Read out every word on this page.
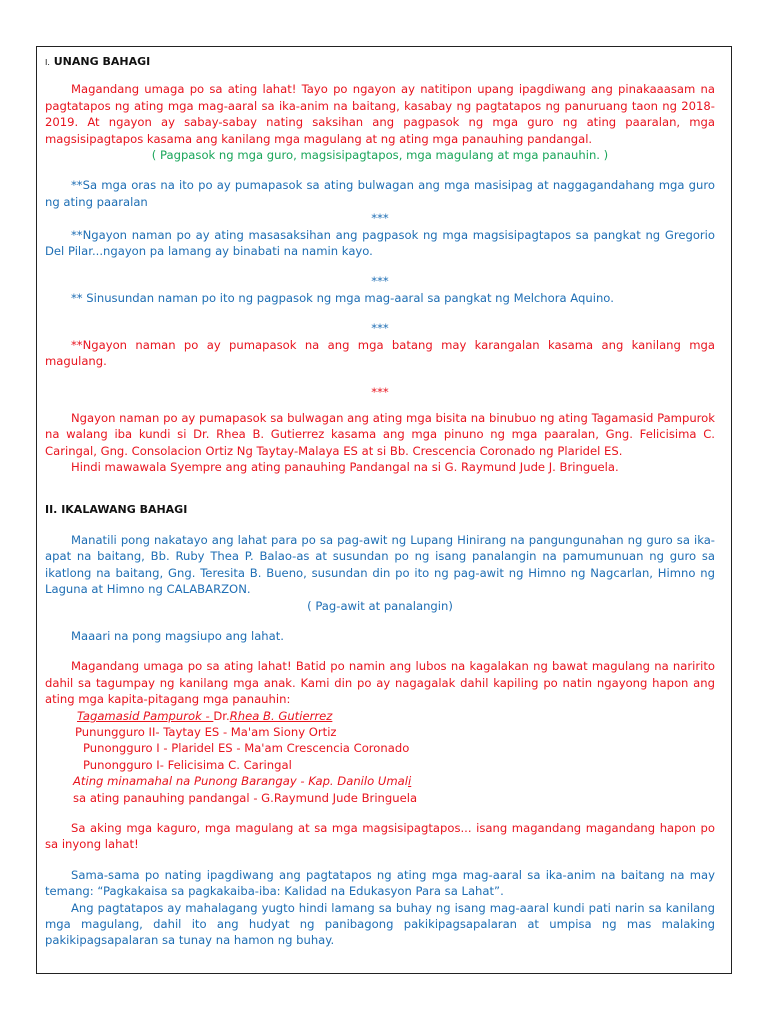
I. UNANG BAHAGI

Magandang umaga po sa ating lahat! Tayo po ngayon ay natitipon upang ipagdiwang ang pinakaaasam na pagtatapos ng ating mga mag-aaral sa ika-anim na baitang, kasabay ng pagtatapos ng panuruang taon ng 2018-2019. At ngayon ay sabay-sabay nating saksihan ang pagpasok ng mga guro ng ating paaralan, mga magsisipagtapos kasama ang kanilang mga magulang at ng ating mga panauhing pandangal.

( Pagpasok ng mga guro, magsisipagtapos, mga magulang at mga panauhin. )

**Sa mga oras na ito po ay pumapasok sa ating bulwagan ang mga masisipag at naggagandahang mga guro ng ating paaralan

***

**Ngayon naman po ay ating masasaksihan ang pagpasok ng mga magsisipagtapos sa pangkat ng Gregorio Del Pilar...ngayon pa lamang ay binabati na namin kayo.

***

** Sinusundan naman po ito ng pagpasok ng mga mag-aaral sa pangkat ng Melchora Aquino.

***

**Ngayon naman po ay pumapasok na ang mga batang may karangalan kasama ang kanilang mga magulang.

***

Ngayon naman po ay pumapasok sa bulwagan ang ating mga bisita na binubuo ng ating Tagamasid Pampurok na walang iba kundi si Dr. Rhea B. Gutierrez kasama ang mga pinuno ng mga paaralan, Gng. Felicisima C. Caringal, Gng. Consolacion Ortiz Ng Taytay-Malaya ES at si Bb. Crescencia Coronado ng Plaridel ES.

Hindi mawawala Syempre ang ating panauhing Pandangal na si G. Raymund Jude J. Bringuela.

II. IKALAWANG BAHAGI

Manatili pong nakatayo ang lahat para po sa pag-awit ng Lupang Hinirang na pangungunahan ng guro sa ika-apat na baitang, Bb. Ruby Thea P. Balao-as at susundan po ng isang panalangin na pamumunuan ng guro sa ikatlong na baitang, Gng. Teresita B. Bueno, susundan din po ito ng pag-awit ng Himno ng Nagcarlan, Himno ng Laguna at Himno ng CALABARZON.

( Pag-awit at panalangin)

Maaari na pong magsiupo ang lahat.

Magandang umaga po sa ating lahat! Batid po namin ang lubos na kagalakan ng bawat magulang na naririto dahil sa tagumpay ng kanilang mga anak. Kami din po ay nagagalak dahil kapiling po natin ngayong hapon ang ating mga kapita-pitagang mga panauhin:

Tagamasid Pampurok - Dr.Rhea B. Gutierrez

Punungguro II- Taytay ES - Ma'am Siony Ortiz

Punongguro I - Plaridel ES - Ma'am Crescencia Coronado

Punongguro I- Felicisima C. Caringal

Ating minamahal na Punong Barangay - Kap. Danilo Umali

sa ating panauhing pandangal - G.Raymund Jude Bringuela

Sa aking mga kaguro, mga magulang at sa mga magsisipagtapos... isang magandang magandang hapon po sa inyong lahat!

Sama-sama po nating ipagdiwang ang pagtatapos ng ating mga mag-aaral sa ika-anim na baitang na may temang: “Pagkakaisa sa pagkakaiba-iba: Kalidad na Edukasyon Para sa Lahat”.

Ang pagtatapos ay mahalagang yugto hindi lamang sa buhay ng isang mag-aaral kundi pati narin sa kanilang mga magulang, dahil ito ang hudyat ng panibagong pakikipagsapalaran at umpisa ng mas malaking pakikipagsapalaran sa tunay na hamon ng buhay.
